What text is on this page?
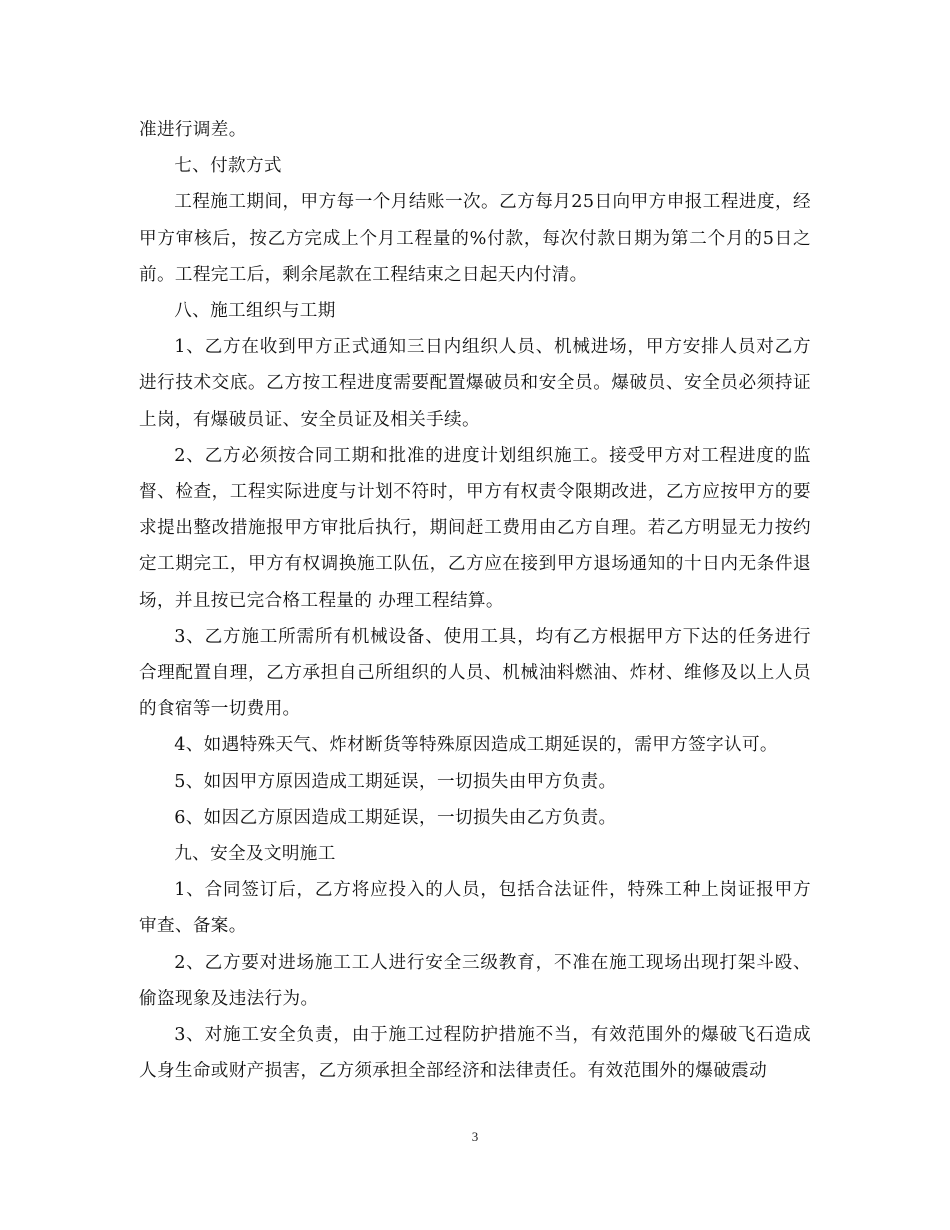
准进行调差。

七、付款方式

工程施工期间，甲方每一个月结账一次。乙方每月25日向甲方申报工程进度，经甲方审核后，按乙方完成上个月工程量的%付款，每次付款日期为第二个月的5日之前。工程完工后，剩余尾款在工程结束之日起天内付清。

八、施工组织与工期

1、乙方在收到甲方正式通知三日内组织人员、机械进场，甲方安排人员对乙方进行技术交底。乙方按工程进度需要配置爆破员和安全员。爆破员、安全员必须持证上岗，有爆破员证、安全员证及相关手续。

2、乙方必须按合同工期和批准的进度计划组织施工。接受甲方对工程进度的监督、检查，工程实际进度与计划不符时，甲方有权责令限期改进，乙方应按甲方的要求提出整改措施报甲方审批后执行，期间赶工费用由乙方自理。若乙方明显无力按约定工期完工，甲方有权调换施工队伍，乙方应在接到甲方退场通知的十日内无条件退场，并且按已完合格工程量的 办理工程结算。

3、乙方施工所需所有机械设备、使用工具，均有乙方根据甲方下达的任务进行合理配置自理，乙方承担自己所组织的人员、机械油料燃油、炸材、维修及以上人员的食宿等一切费用。

4、如遇特殊天气、炸材断货等特殊原因造成工期延误的，需甲方签字认可。

5、如因甲方原因造成工期延误，一切损失由甲方负责。

6、如因乙方原因造成工期延误，一切损失由乙方负责。

九、安全及文明施工

1、合同签订后，乙方将应投入的人员，包括合法证件，特殊工种上岗证报甲方审查、备案。

2、乙方要对进场施工工人进行安全三级教育，不准在施工现场出现打架斗殴、偷盗现象及违法行为。

3、对施工安全负责，由于施工过程防护措施不当，有效范围外的爆破飞石造成人身生命或财产损害，乙方须承担全部经济和法律责任。有效范围外的爆破震动

3
